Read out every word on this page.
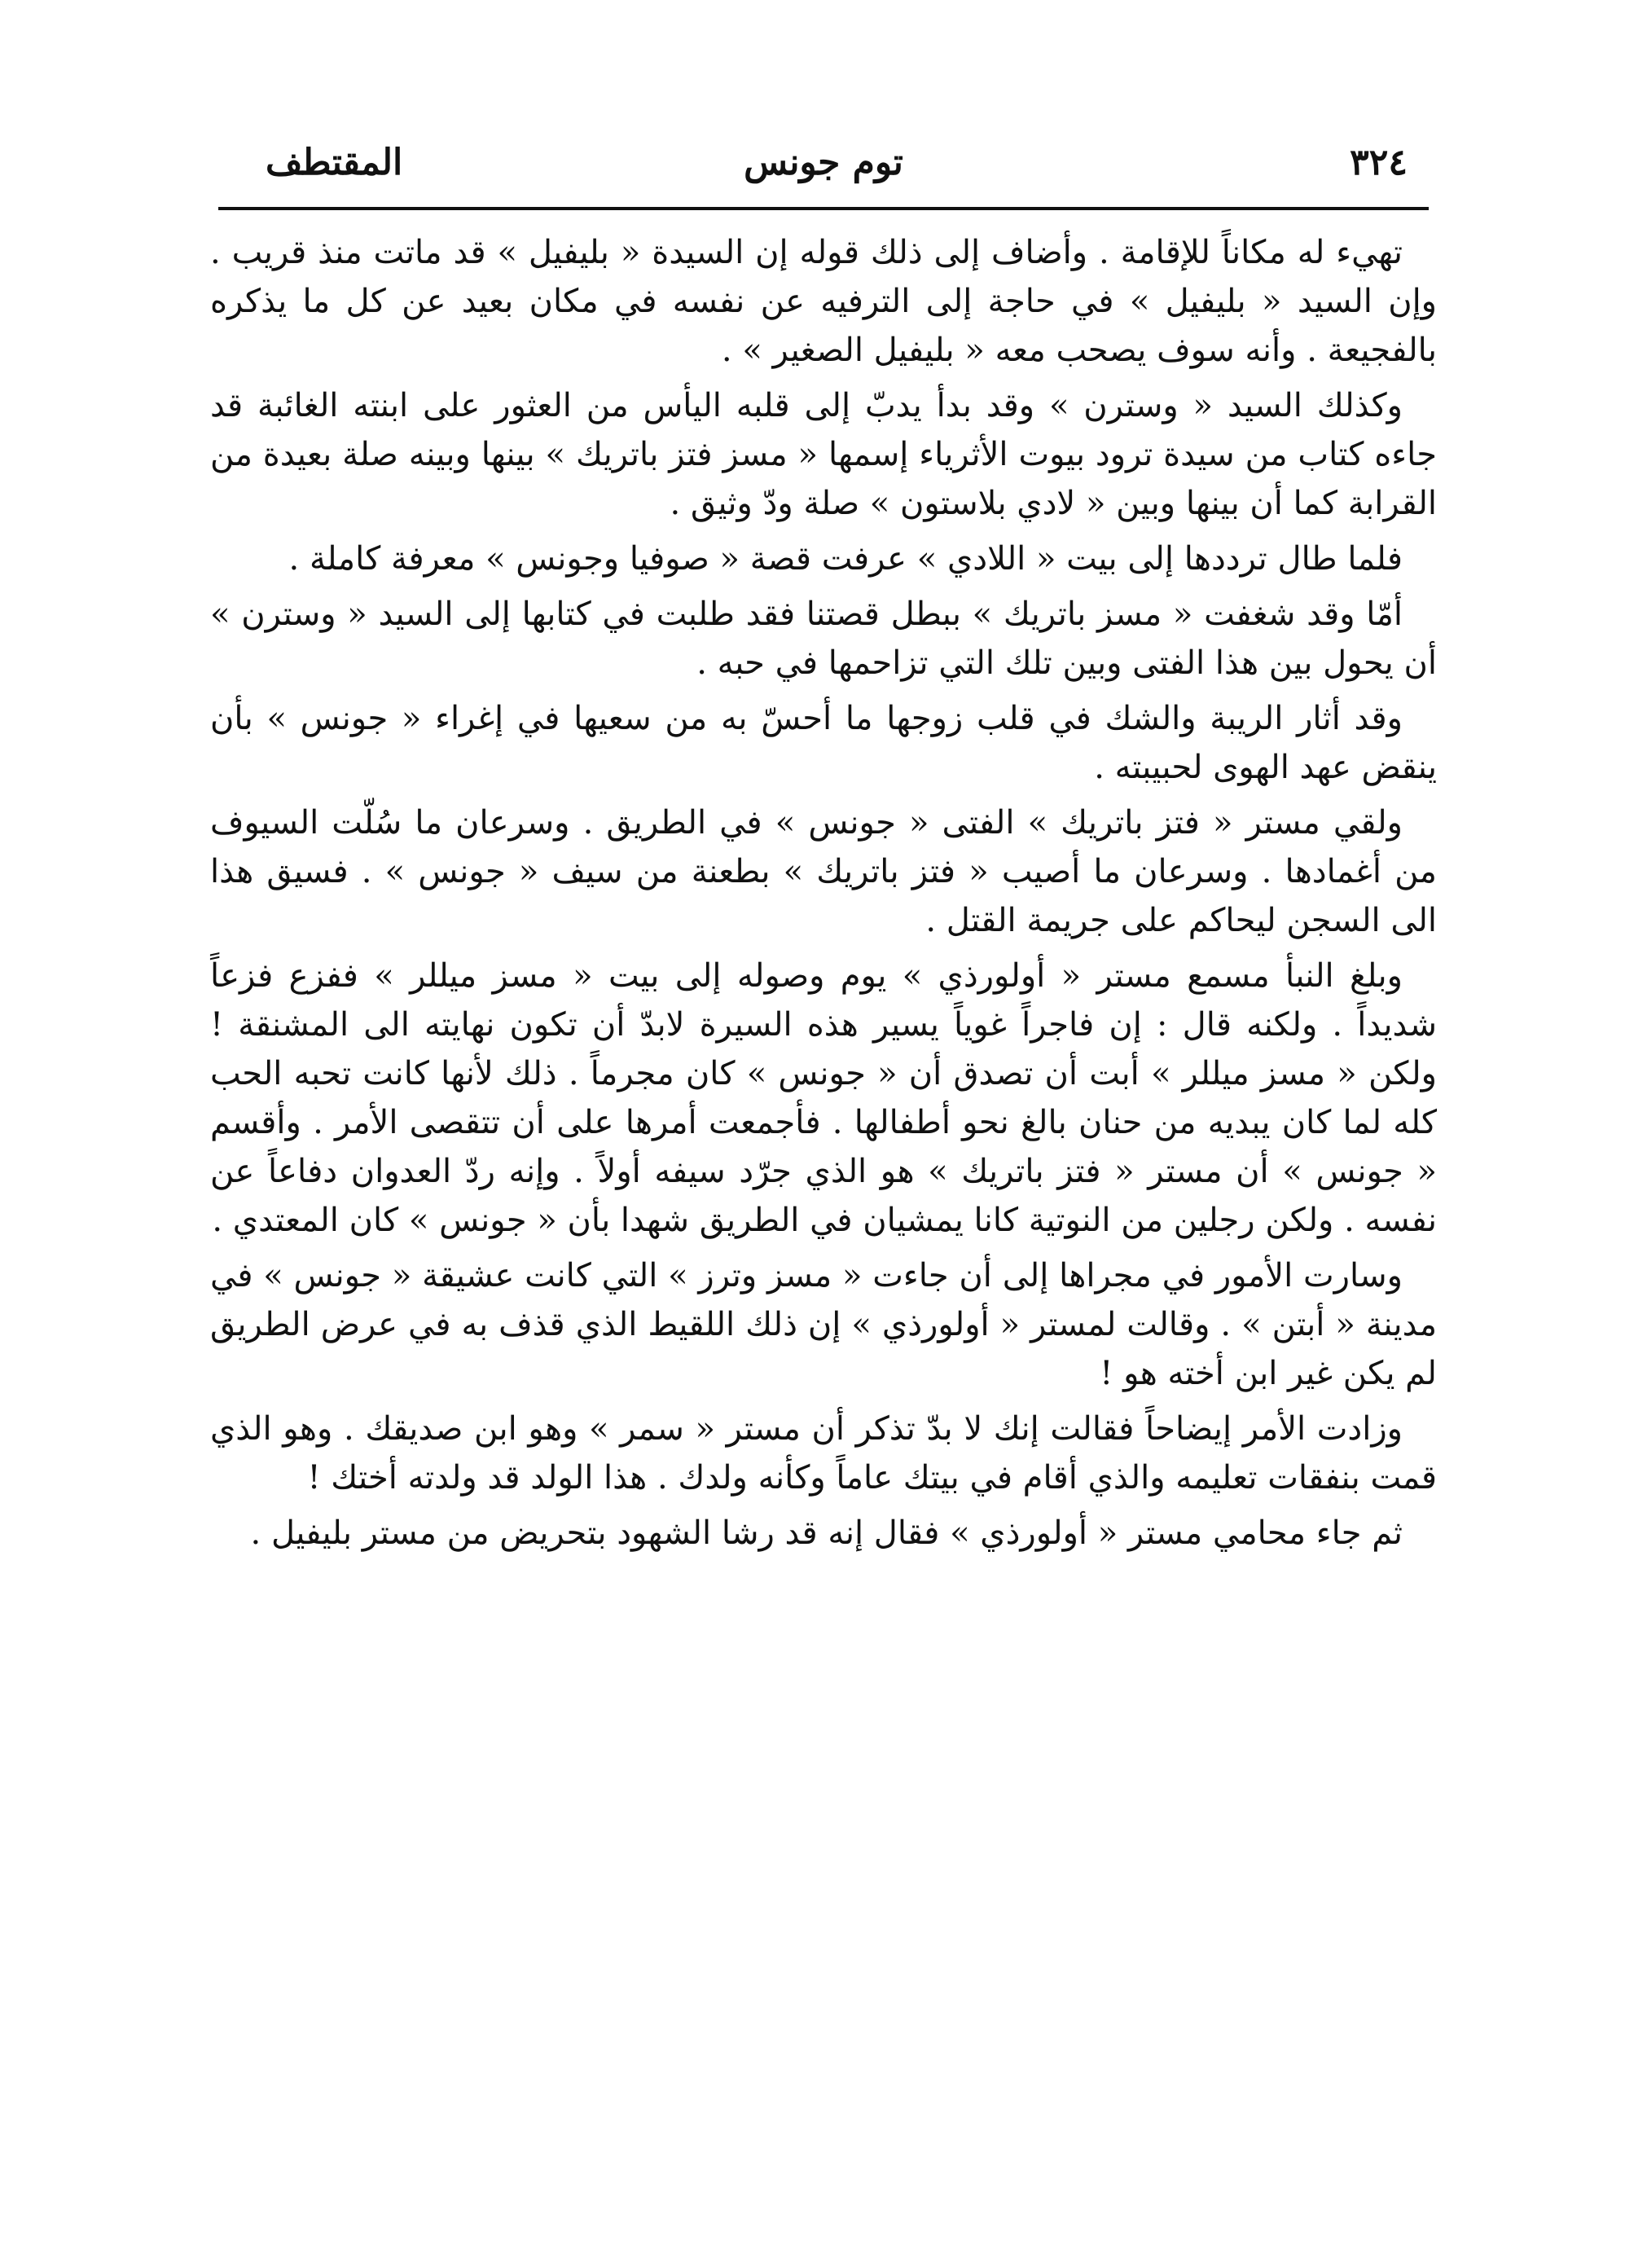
٣٢٤
توم جونس
المقتطف

تهيء له مكاناً للإقامة . وأضاف إلى ذلك قوله إن السيدة « بليفيل » قد ماتت منذ قريب . وإن السيد « بليفيل » في حاجة إلى الترفيه عن نفسه في مكان بعيد عن كل ما يذكره بالفجيعة . وأنه سوف يصحب معه « بليفيل الصغير » .

وكذلك السيد « وسترن » وقد بدأ يدبّ إلى قلبه اليأس من العثور على ابنته الغائبة قد جاءه كتاب من سيدة ترود بيوت الأثرياء إسمها « مسز فتز باتريك » بينها وبينه صلة بعيدة من القرابة كما أن بينها وبين « لادي بلاستون » صلة ودّ وثيق .

فلما طال ترددها إلى بيت « اللادي » عرفت قصة « صوفيا وجونس » معرفة كاملة .

أمّا وقد شغفت « مسز باتريك » ببطل قصتنا فقد طلبت في كتابها إلى السيد « وسترن » أن يحول بين هذا الفتى وبين تلك التي تزاحمها في حبه .

وقد أثار الريبة والشك في قلب زوجها ما أحسّ به من سعيها في إغراء « جونس » بأن ينقض عهد الهوى لحبيبته .

ولقي مستر « فتز باتريك » الفتى « جونس » في الطريق . وسرعان ما سُلّت السيوف من أغمادها . وسرعان ما أصيب « فتز باتريك » بطعنة من سيف « جونس » . فسيق هذا الى السجن ليحاكم على جريمة القتل .

وبلغ النبأ مسمع مستر « أولورذي » يوم وصوله إلى بيت « مسز ميللر » ففزع فزعاً شديداً . ولكنه قال : إن فاجراً غوياً يسير هذه السيرة لابدّ أن تكون نهايته الى المشنقة ! ولكن « مسز ميللر » أبت أن تصدق أن « جونس » كان مجرماً . ذلك لأنها كانت تحبه الحب كله لما كان يبديه من حنان بالغ نحو أطفالها . فأجمعت أمرها على أن تتقصى الأمر . وأقسم « جونس » أن مستر « فتز باتريك » هو الذي جرّد سيفه أولاً . وإنه ردّ العدوان دفاعاً عن نفسه . ولكن رجلين من النوتية كانا يمشيان في الطريق شهدا بأن « جونس » كان المعتدي .

وسارت الأمور في مجراها إلى أن جاءت « مسز وترز » التي كانت عشيقة « جونس » في مدينة « أبتن » . وقالت لمستر « أولورذي » إن ذلك اللقيط الذي قذف به في عرض الطريق لم يكن غير ابن أخته هو !

وزادت الأمر إيضاحاً فقالت إنك لا بدّ تذكر أن مستر « سمر » وهو ابن صديقك . وهو الذي قمت بنفقات تعليمه والذي أقام في بيتك عاماً وكأنه ولدك . هذا الولد قد ولدته أختك !

ثم جاء محامي مستر « أولورذي » فقال إنه قد رشا الشهود بتحريض من مستر بليفيل .
